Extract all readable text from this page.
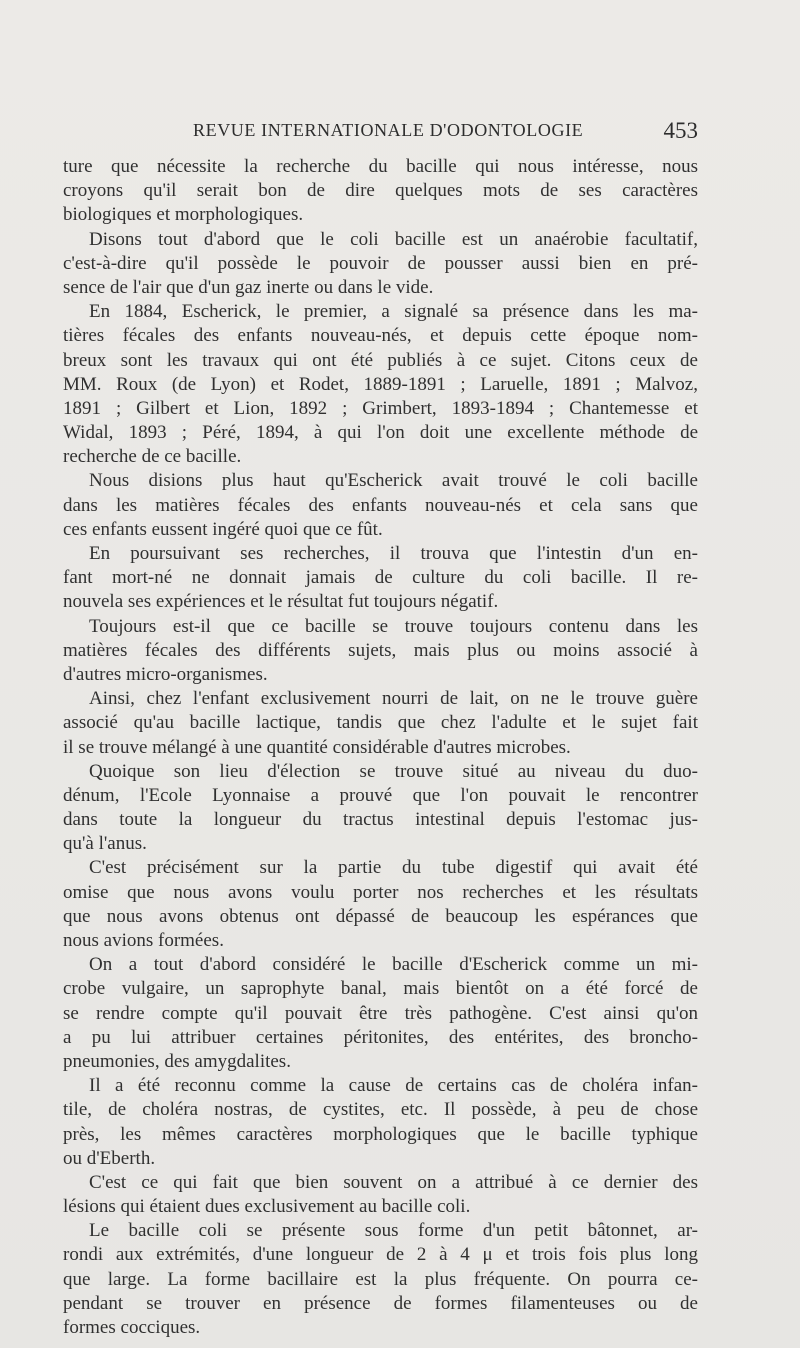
REVUE INTERNATIONALE D'ODONTOLOGIE	453
ture que nécessite la recherche du bacille qui nous intéresse, nous
croyons qu'il serait bon de dire quelques mots de ses caractères
biologiques et morphologiques.
Disons tout d'abord que le coli bacille est un anaérobie facultatif,
c'est-à-dire qu'il possède le pouvoir de pousser aussi bien en pré-
sence de l'air que d'un gaz inerte ou dans le vide.
En 1884, Escherick, le premier, a signalé sa présence dans les ma-
tières fécales des enfants nouveau-nés, et depuis cette époque nom-
breux sont les travaux qui ont été publiés à ce sujet. Citons ceux de
MM. Roux (de Lyon) et Rodet, 1889-1891 ; Laruelle, 1891 ; Malvoz,
1891 ; Gilbert et Lion, 1892 ; Grimbert, 1893-1894 ; Chantemesse et
Widal, 1893 ; Péré, 1894, à qui l'on doit une excellente méthode de
recherche de ce bacille.
Nous disions plus haut qu'Escherick avait trouvé le coli bacille
dans les matières fécales des enfants nouveau-nés et cela sans que
ces enfants eussent ingéré quoi que ce fût.
En poursuivant ses recherches, il trouva que l'intestin d'un en-
fant mort-né ne donnait jamais de culture du coli bacille. Il re-
nouvela ses expériences et le résultat fut toujours négatif.
Toujours est-il que ce bacille se trouve toujours contenu dans les
matières fécales des différents sujets, mais plus ou moins associé à
d'autres micro-organismes.
Ainsi, chez l'enfant exclusivement nourri de lait, on ne le trouve guère
associé qu'au bacille lactique, tandis que chez l'adulte et le sujet fait
il se trouve mélangé à une quantité considérable d'autres microbes.
Quoique son lieu d'élection se trouve situé au niveau du duo-
dénum, l'Ecole Lyonnaise a prouvé que l'on pouvait le rencontrer
dans toute la longueur du tractus intestinal depuis l'estomac jus-
qu'à l'anus.
C'est précisément sur la partie du tube digestif qui avait été
omise que nous avons voulu porter nos recherches et les résultats
que nous avons obtenus ont dépassé de beaucoup les espérances que
nous avions formées.
On a tout d'abord considéré le bacille d'Escherick comme un mi-
crobe vulgaire, un saprophyte banal, mais bientôt on a été forcé de
se rendre compte qu'il pouvait être très pathogène. C'est ainsi qu'on
a pu lui attribuer certaines péritonites, des entérites, des broncho-
pneumonies, des amygdalites.
Il a été reconnu comme la cause de certains cas de choléra infan-
tile, de choléra nostras, de cystites, etc. Il possède, à peu de chose
près, les mêmes caractères morphologiques que le bacille typhique
ou d'Eberth.
C'est ce qui fait que bien souvent on a attribué à ce dernier des
lésions qui étaient dues exclusivement au bacille coli.
Le bacille coli se présente sous forme d'un petit bâtonnet, ar-
rondi aux extrémités, d'une longueur de 2 à 4 μ et trois fois plus long
que large. La forme bacillaire est la plus fréquente. On pourra ce-
pendant se trouver en présence de formes filamenteuses ou de
formes cocciques.
